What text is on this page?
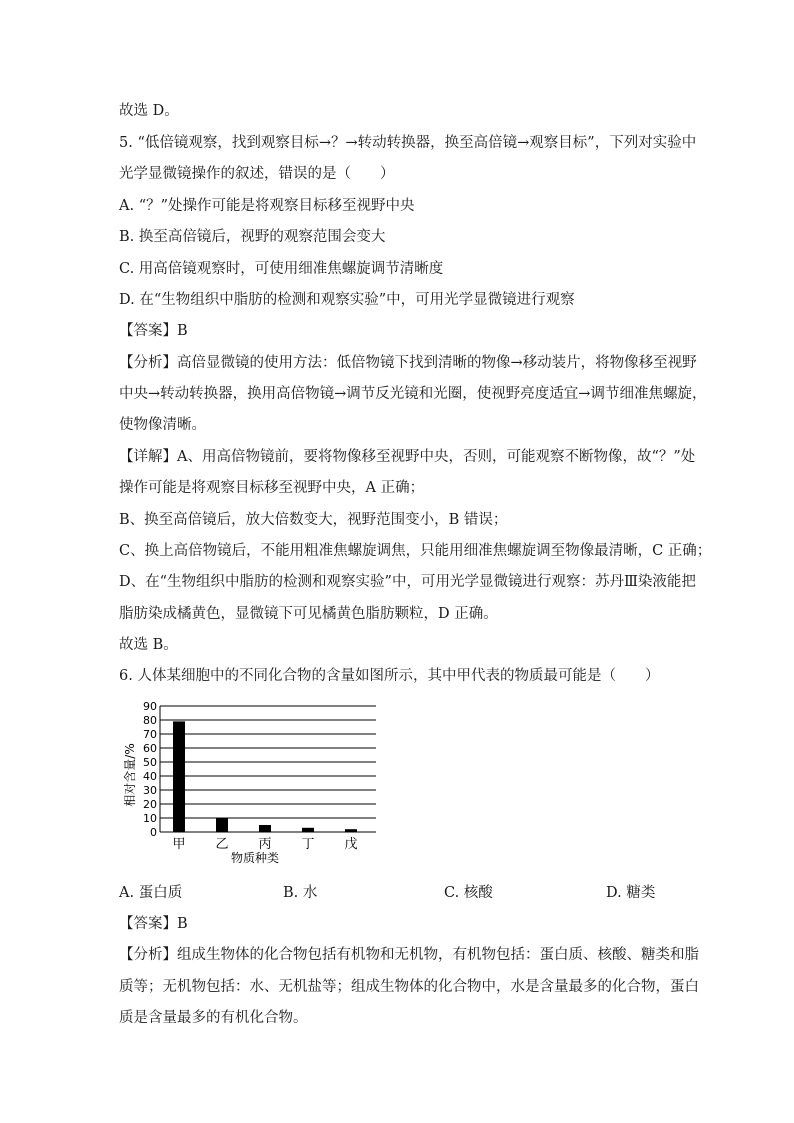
故选 D。
5. “低倍镜观察，找到观察目标→？→转动转换器，换至高倍镜→观察目标”，下列对实验中
光学显微镜操作的叙述，错误的是（　　）
A. “？”处操作可能是将观察目标移至视野中央
B. 换至高倍镜后，视野的观察范围会变大
C. 用高倍镜观察时，可使用细准焦螺旋调节清晰度
D. 在“生物组织中脂肪的检测和观察实验”中，可用光学显微镜进行观察
【答案】B
【分析】高倍显微镜的使用方法：低倍物镜下找到清晰的物像→移动装片，将物像移至视野
中央→转动转换器，换用高倍物镜→调节反光镜和光圈，使视野亮度适宜→调节细准焦螺旋，
使物像清晰。
【详解】A、用高倍物镜前，要将物像移至视野中央，否则，可能观察不断物像，故“？”处
操作可能是将观察目标移至视野中央，A 正确；
B、换至高倍镜后，放大倍数变大，视野范围变小，B 错误；
C、换上高倍物镜后，不能用粗准焦螺旋调焦，只能用细准焦螺旋调至物像最清晰，C 正确；
D、在“生物组织中脂肪的检测和观察实验”中，可用光学显微镜进行观察：苏丹Ⅲ染液能把
脂肪染成橘黄色，显微镜下可见橘黄色脂肪颗粒，D 正确。
故选 B。
6. 人体某细胞中的不同化合物的含量如图所示，其中甲代表的物质最可能是（　　）
0
10
20
30
40
50
60
70
80
90
甲 乙 丙 丁 戊
相对含量/%
物质种类
A. 蛋白质	B. 水	C. 核酸	D. 糖类
【答案】B
【分析】组成生物体的化合物包括有机物和无机物，有机物包括：蛋白质、核酸、糖类和脂
质等；无机物包括：水、无机盐等；组成生物体的化合物中，水是含量最多的化合物，蛋白
质是含量最多的有机化合物。
